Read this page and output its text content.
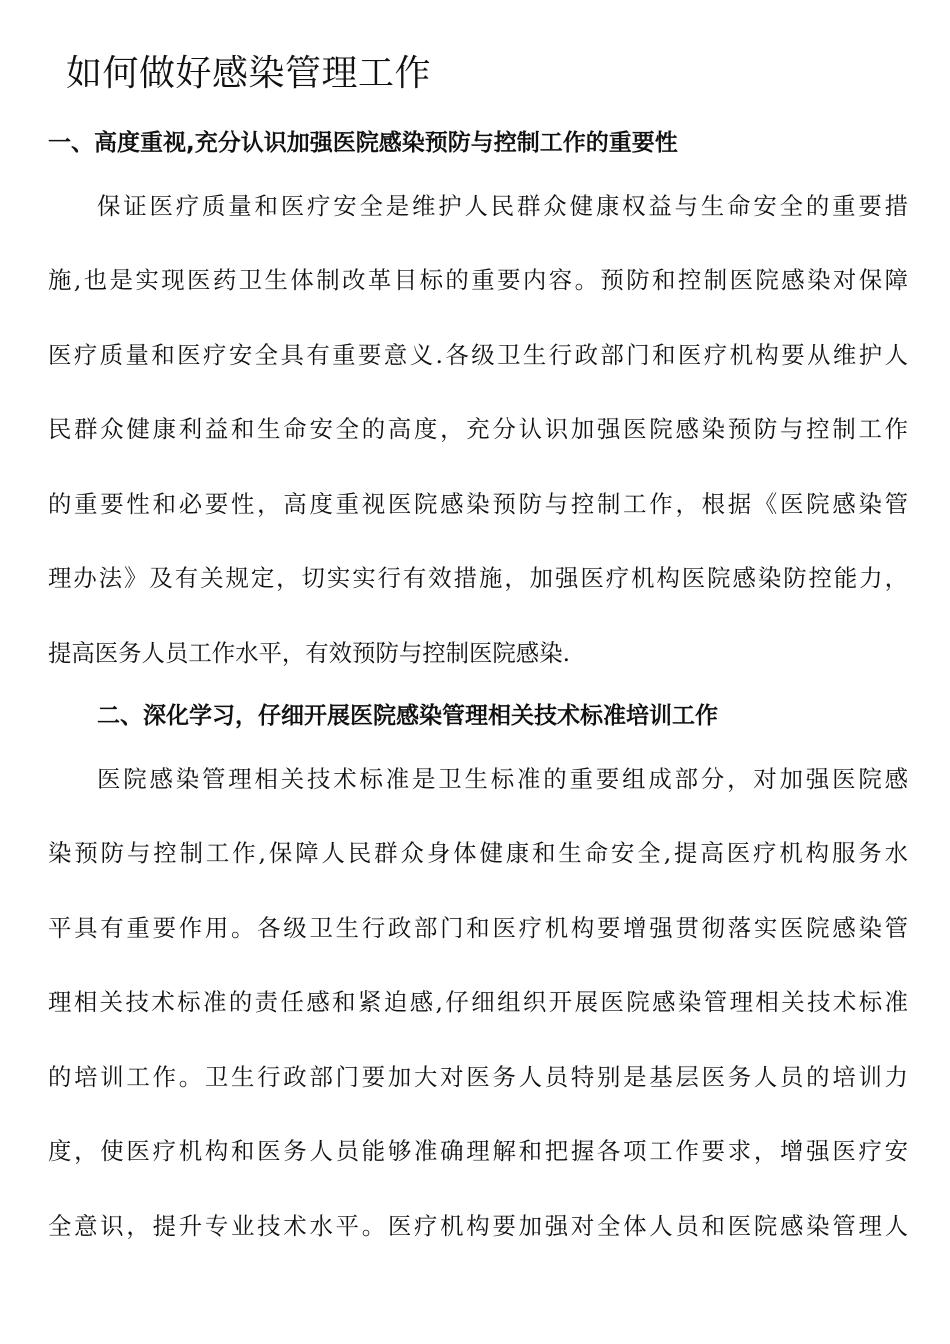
如何做好感染管理工作
一、高度重视,充分认识加强医院感染预防与控制工作的重要性
保证医疗质量和医疗安全是维护人民群众健康权益与生命安全的重要措
施,也是实现医药卫生体制改革目标的重要内容。预防和控制医院感染对保障
医疗质量和医疗安全具有重要意义.各级卫生行政部门和医疗机构要从维护人
民群众健康利益和生命安全的高度，充分认识加强医院感染预防与控制工作
的重要性和必要性，高度重视医院感染预防与控制工作，根据《医院感染管
理办法》及有关规定，切实实行有效措施，加强医疗机构医院感染防控能力，
提高医务人员工作水平，有效预防与控制医院感染.
二、深化学习，仔细开展医院感染管理相关技术标准培训工作
医院感染管理相关技术标准是卫生标准的重要组成部分，对加强医院感
染预防与控制工作,保障人民群众身体健康和生命安全,提高医疗机构服务水
平具有重要作用。各级卫生行政部门和医疗机构要增强贯彻落实医院感染管
理相关技术标准的责任感和紧迫感,仔细组织开展医院感染管理相关技术标准
的培训工作。卫生行政部门要加大对医务人员特别是基层医务人员的培训力
度，使医疗机构和医务人员能够准确理解和把握各项工作要求，增强医疗安
全意识，提升专业技术水平。医疗机构要加强对全体人员和医院感染管理人
